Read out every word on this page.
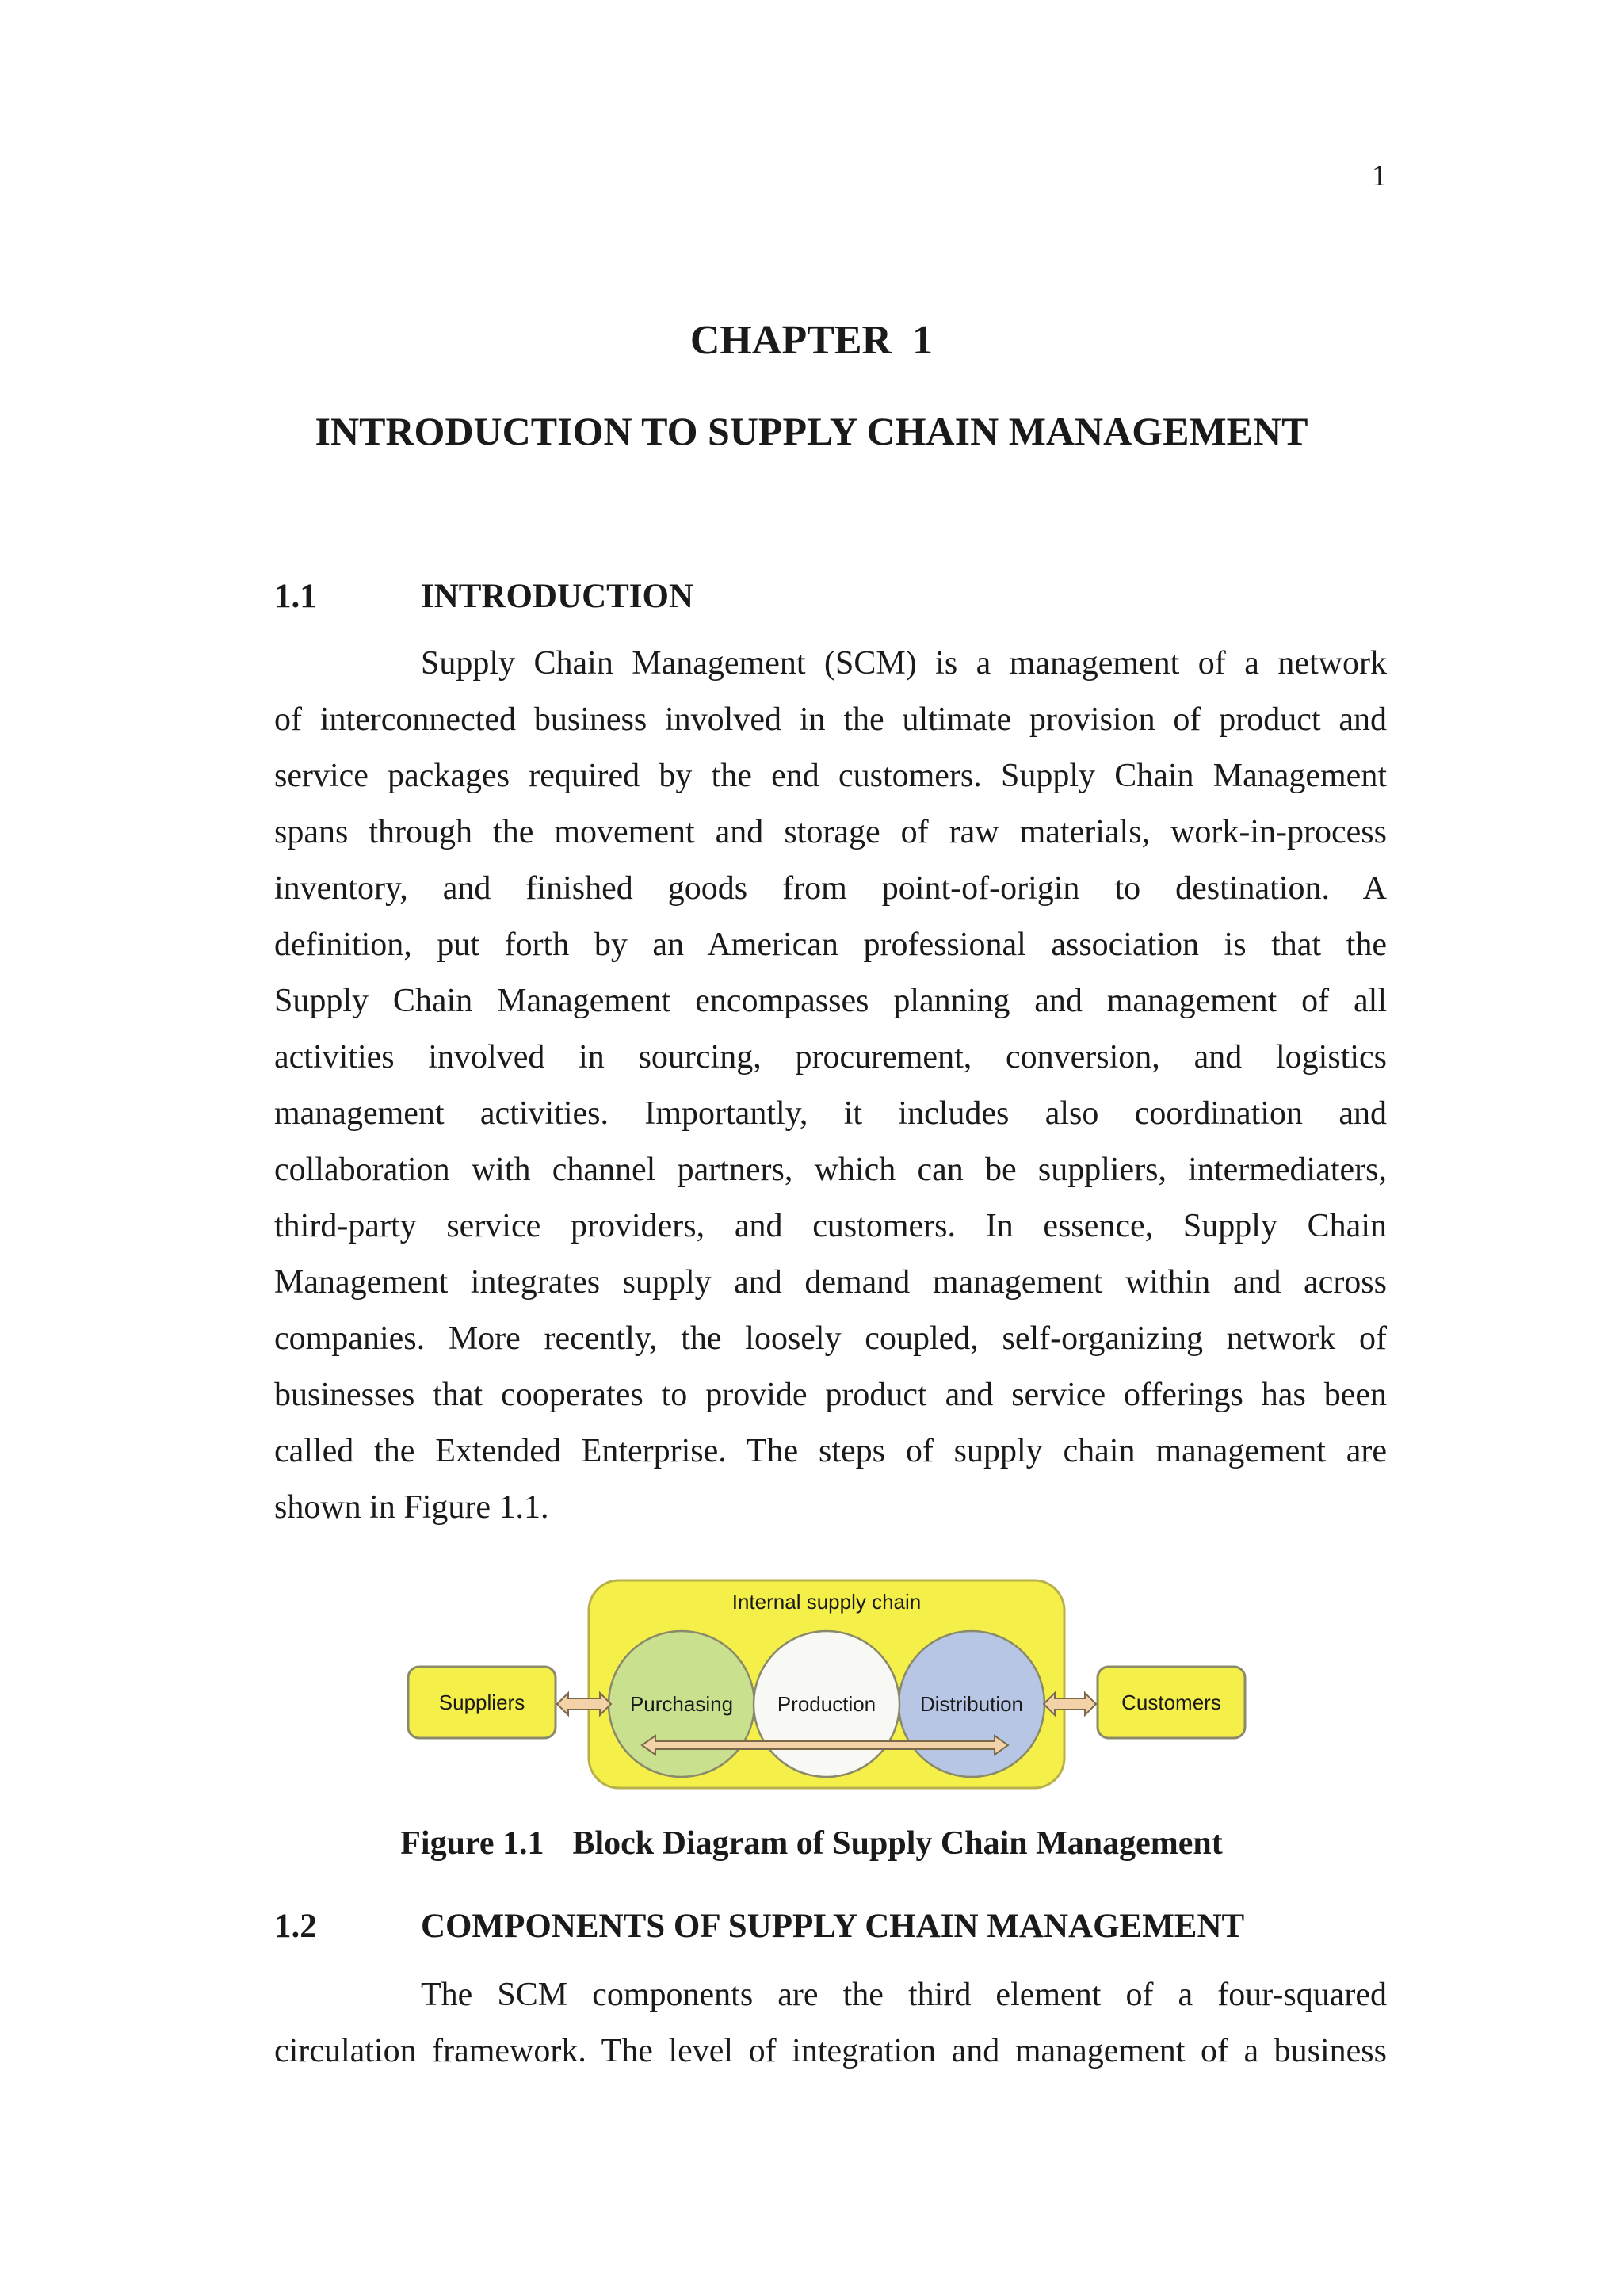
1
CHAPTER  1
INTRODUCTION TO SUPPLY CHAIN MANAGEMENT
1.1	INTRODUCTION
Supply Chain Management (SCM) is a management of a network
of interconnected business involved in the ultimate provision of product and
service packages required by the end customers. Supply Chain Management
spans through the movement and storage of raw materials, work-in-process
inventory, and finished goods from point-of-origin to destination. A
definition, put forth by an American professional association is that the
Supply Chain Management encompasses planning and management of all
activities involved in sourcing, procurement, conversion, and logistics
management activities. Importantly, it includes also coordination and
collaboration with channel partners, which can be suppliers, intermediaters,
third-party service providers, and customers. In essence, Supply Chain
Management integrates supply and demand management within and across
companies. More recently, the loosely coupled, self-organizing network of
businesses that cooperates to provide product and service offerings has been
called the Extended Enterprise. The steps of supply chain management are
shown in Figure 1.1.
Internal supply chain
Suppliers	Customers
Purchasing Production Distribution
Figure 1.1 Block Diagram of Supply Chain Management
1.2	COMPONENTS OF SUPPLY CHAIN MANAGEMENT
The SCM components are the third element of a four-squared
circulation framework. The level of integration and management of a business
